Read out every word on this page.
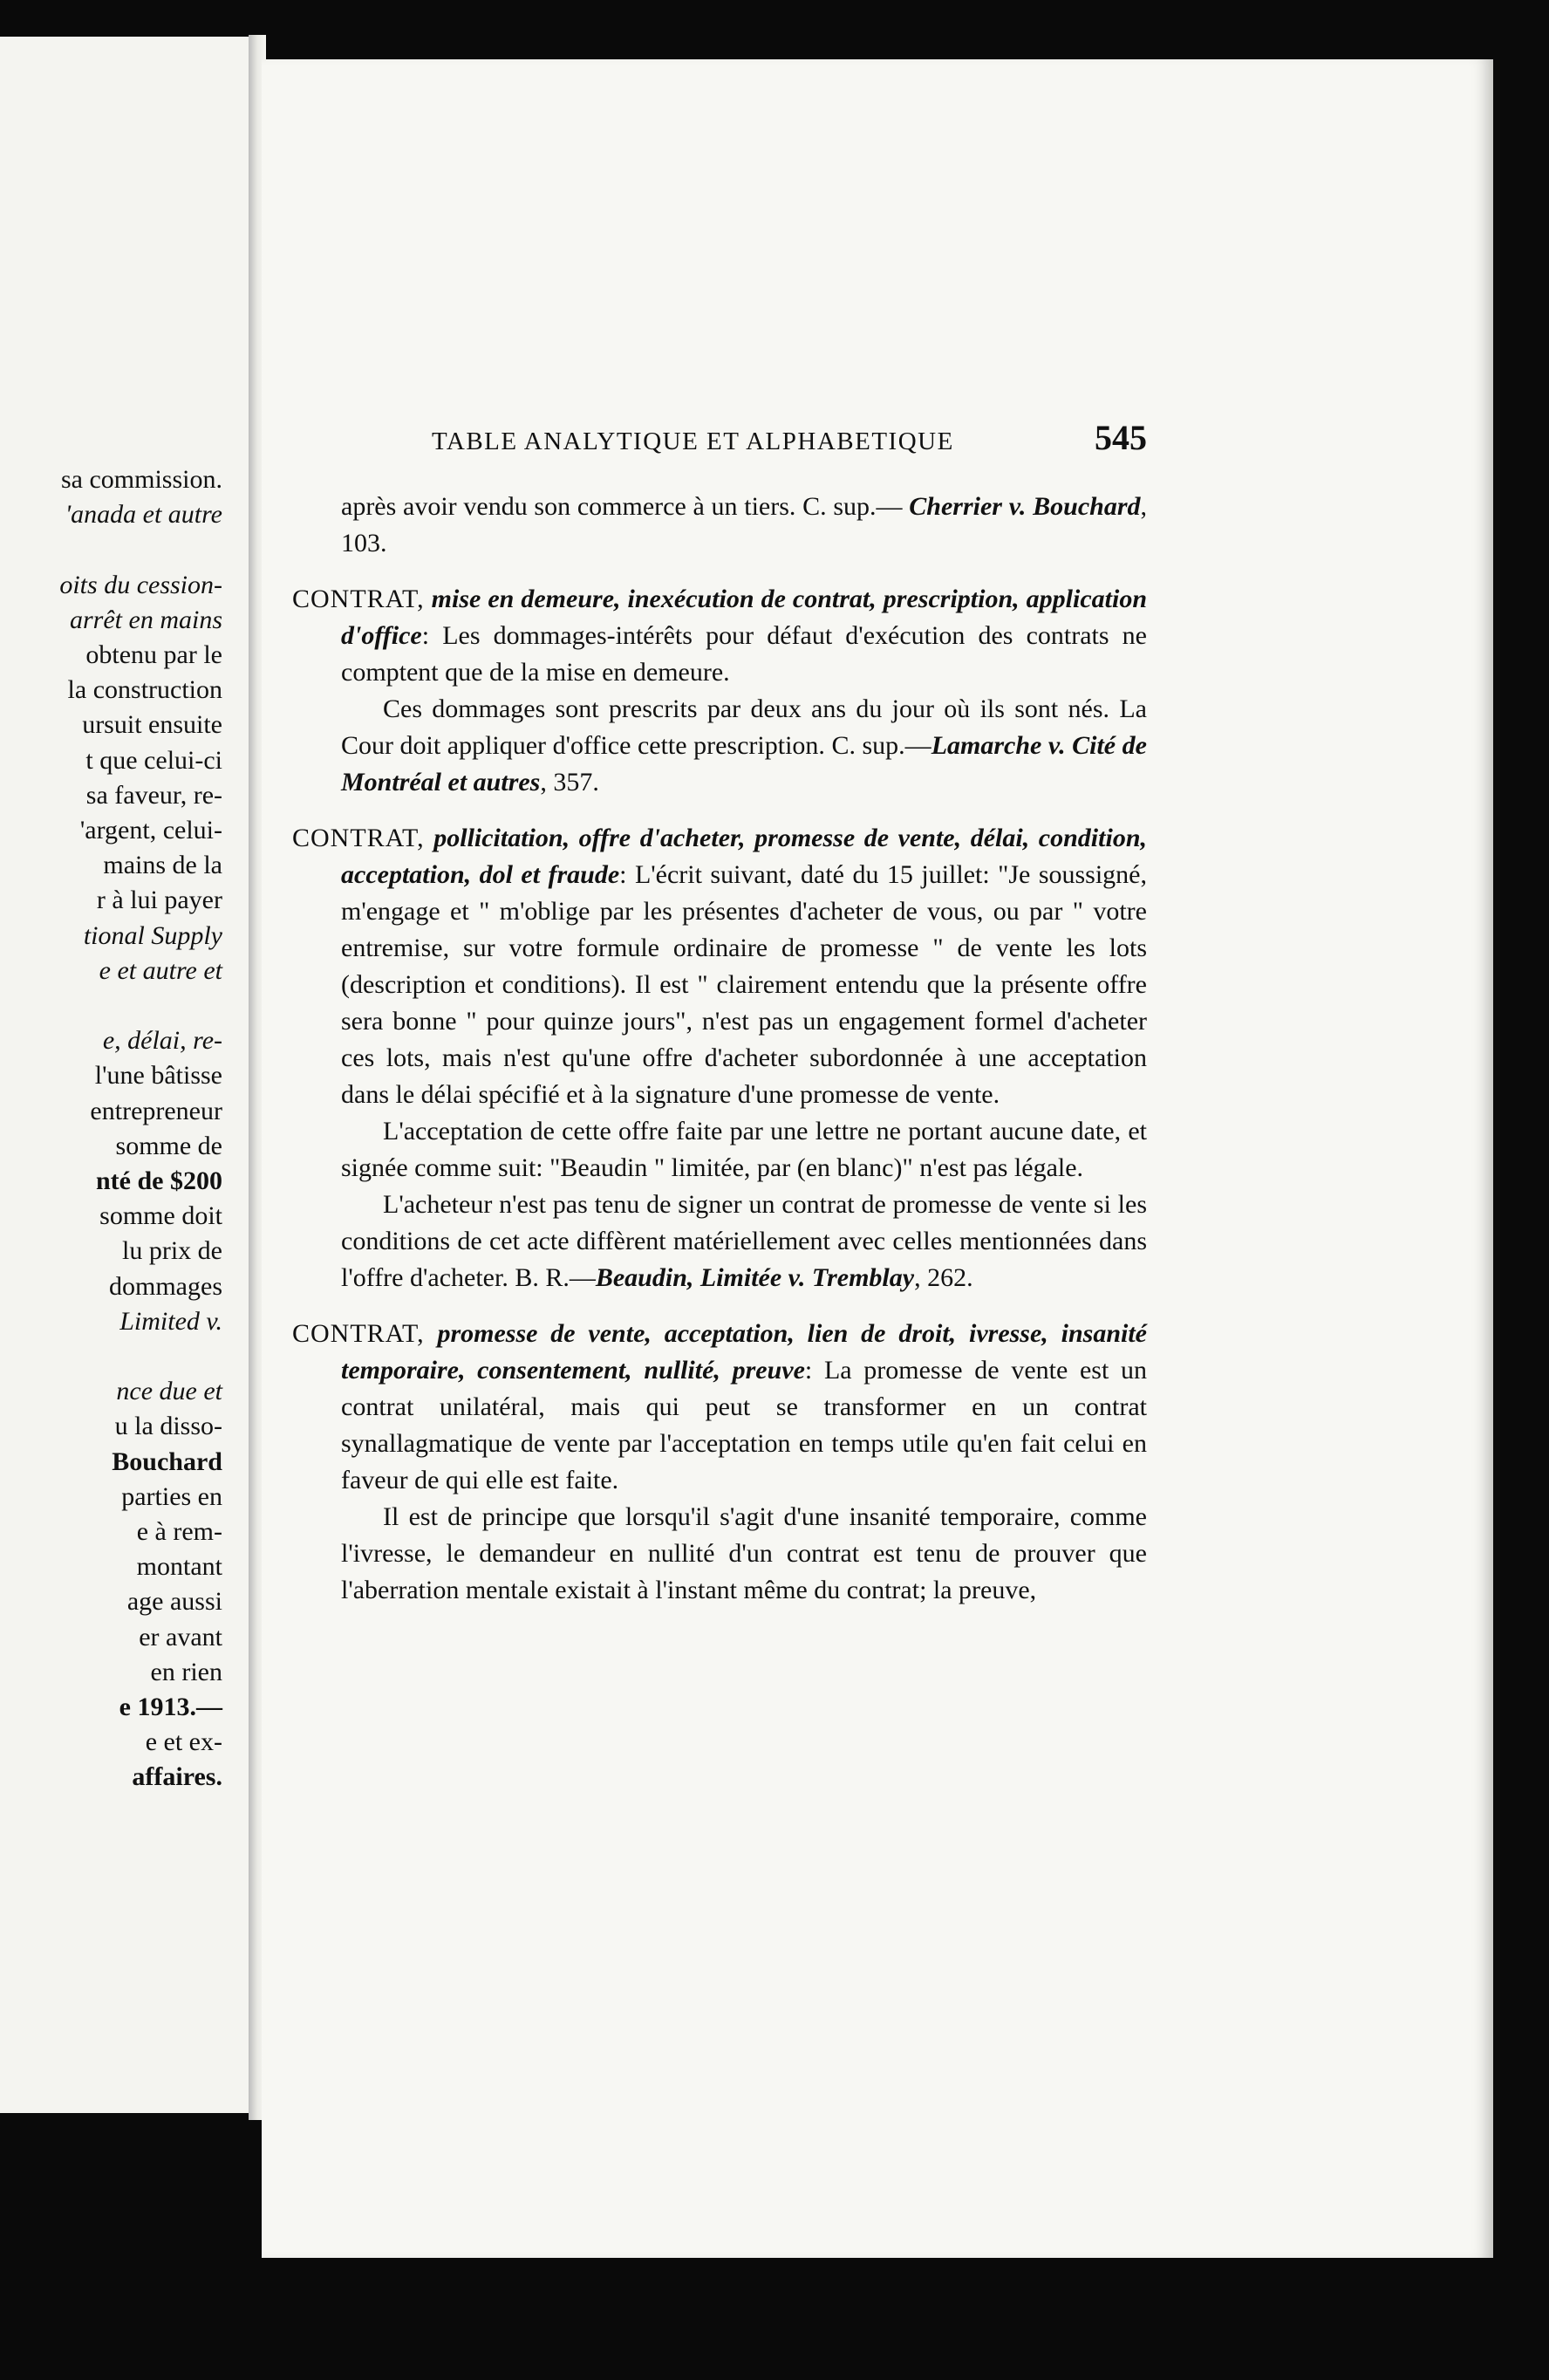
sa commission.
'anada et autre
oits du cession-
arrêt en mains
obtenu par le
la construction
ursuit ensuite
t que celui-ci
sa faveur, re-
'argent, celui-
mains de la
r à lui payer
tional Supply
e et autre et
e, délai, re-
l'une bâtisse
entrepreneur
somme de
nté de $200
somme doit
lu prix de
dommages
Limited v.
nce due et
u la disso-
Bouchard
parties en
e à rem-
montant
age aussi
er avant
en rien
e 1913.—
e et ex-
affaires.
TABLE ANALYTIQUE ET ALPHABETIQUE	545

après avoir vendu son commerce à un tiers. C. sup.— Cherrier v. Bouchard, 103.

CONTRAT, mise en demeure, inexécution de contrat, prescription, application d'office: Les dommages-intérêts pour défaut d'exécution des contrats ne comptent que de la mise en demeure.

Ces dommages sont prescrits par deux ans du jour où ils sont nés. La Cour doit appliquer d'office cette prescription. C. sup.—Lamarche v. Cité de Montréal et autres, 357.

CONTRAT, pollicitation, offre d'acheter, promesse de vente, délai, condition, acceptation, dol et fraude: L'écrit suivant, daté du 15 juillet: "Je soussigné, m'engage et " m'oblige par les présentes d'acheter de vous, ou par " votre entremise, sur votre formule ordinaire de promesse " de vente les lots (description et conditions). Il est " clairement entendu que la présente offre sera bonne " pour quinze jours", n'est pas un engagement formel d'acheter ces lots, mais n'est qu'une offre d'acheter subordonnée à une acceptation dans le délai spécifié et à la signature d'une promesse de vente.

L'acceptation de cette offre faite par une lettre ne portant aucune date, et signée comme suit: "Beaudin " limitée, par (en blanc)" n'est pas légale.

L'acheteur n'est pas tenu de signer un contrat de promesse de vente si les conditions de cet acte diffèrent matériellement avec celles mentionnées dans l'offre d'acheter. B. R.—Beaudin, Limitée v. Tremblay, 262.

CONTRAT, promesse de vente, acceptation, lien de droit, ivresse, insanité temporaire, consentement, nullité, preuve: La promesse de vente est un contrat unilatéral, mais qui peut se transformer en un contrat synallagmatique de vente par l'acceptation en temps utile qu'en fait celui en faveur de qui elle est faite.

Il est de principe que lorsqu'il s'agit d'une insanité temporaire, comme l'ivresse, le demandeur en nullité d'un contrat est tenu de prouver que l'aberration mentale existait à l'instant même du contrat; la preuve,
